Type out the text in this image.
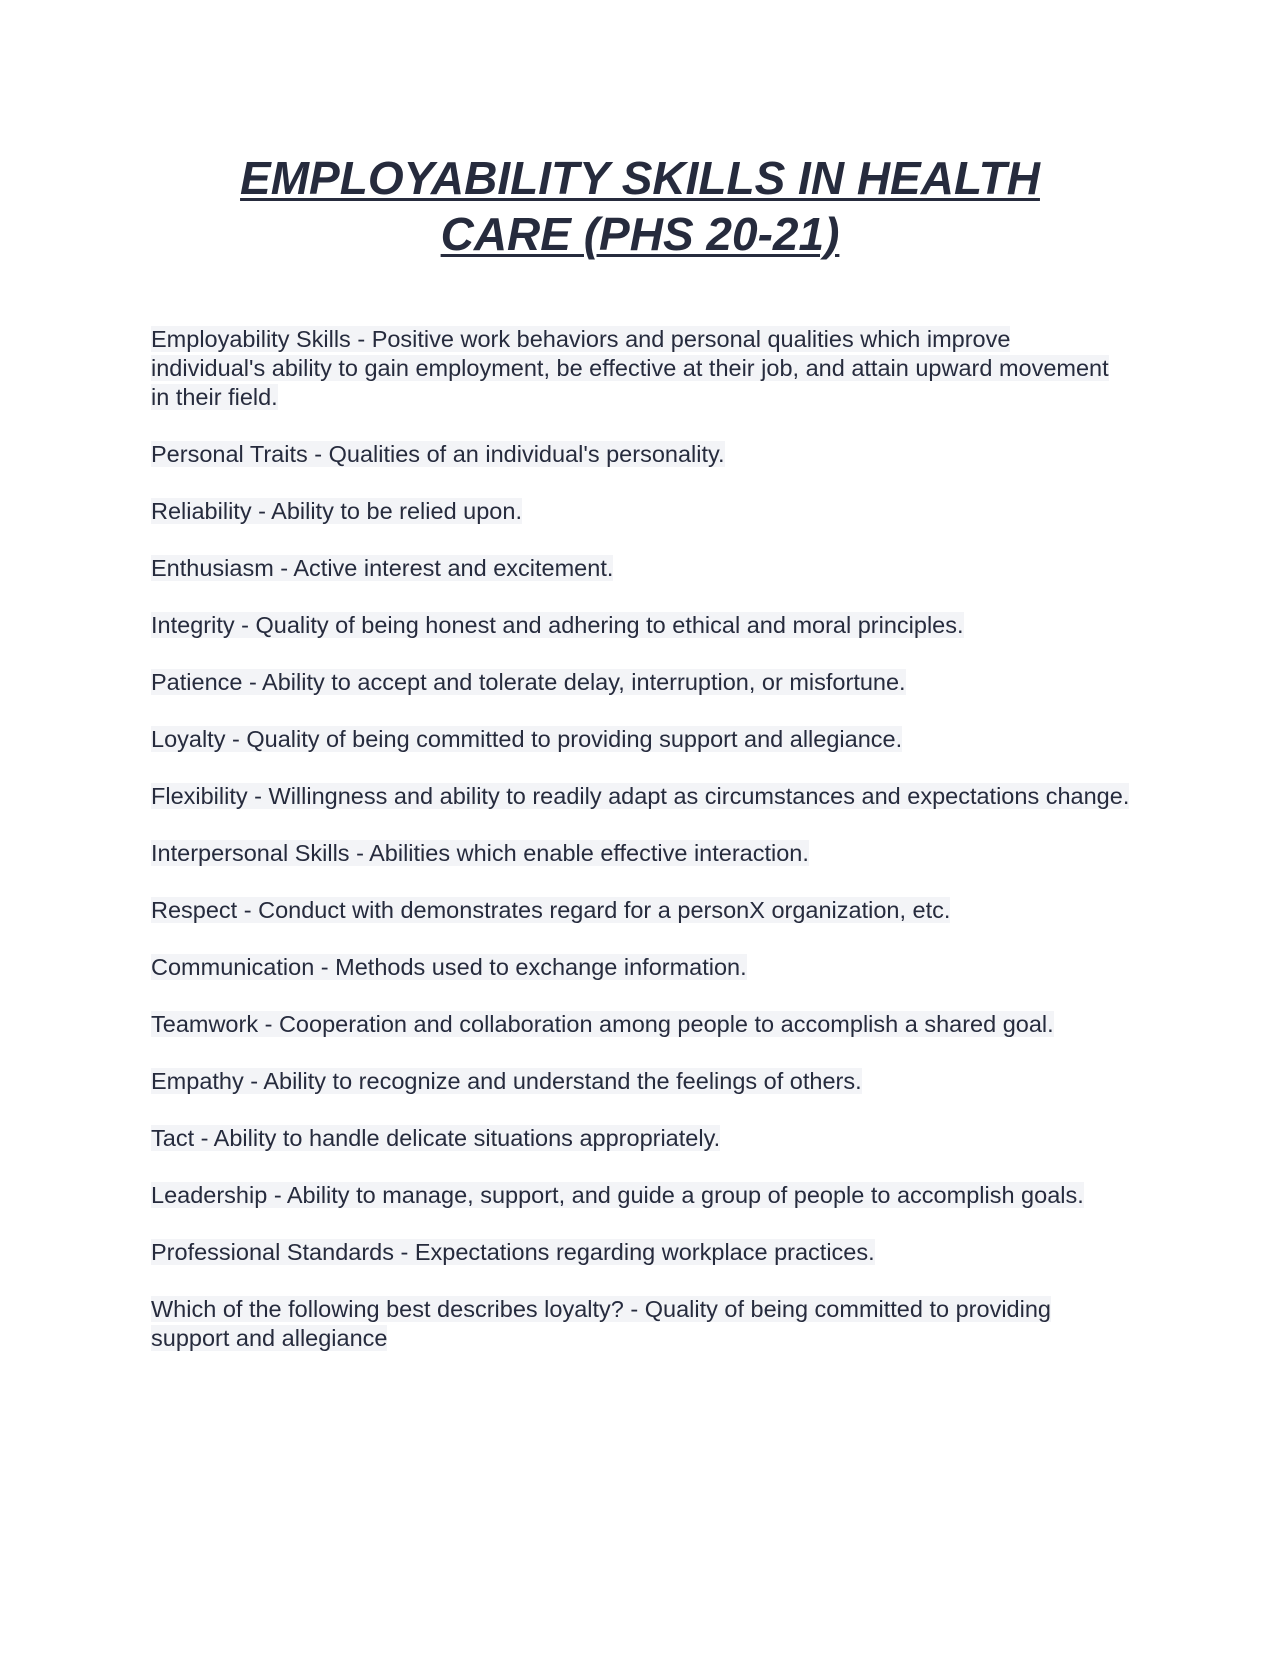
EMPLOYABILITY SKILLS IN HEALTH
CARE (PHS 20-21)

Employability Skills - Positive work behaviors and personal qualities which improve individual's ability to gain employment, be effective at their job, and attain upward movement in their field.

Personal Traits - Qualities of an individual's personality.

Reliability - Ability to be relied upon.

Enthusiasm - Active interest and excitement.

Integrity - Quality of being honest and adhering to ethical and moral principles.

Patience - Ability to accept and tolerate delay, interruption, or misfortune.

Loyalty - Quality of being committed to providing support and allegiance.

Flexibility - Willingness and ability to readily adapt as circumstances and expectations change.

Interpersonal Skills - Abilities which enable effective interaction.

Respect - Conduct with demonstrates regard for a personX organization, etc.

Communication - Methods used to exchange information.

Teamwork - Cooperation and collaboration among people to accomplish a shared goal.

Empathy - Ability to recognize and understand the feelings of others.

Tact - Ability to handle delicate situations appropriately.

Leadership - Ability to manage, support, and guide a group of people to accomplish goals.

Professional Standards - Expectations regarding workplace practices.

Which of the following best describes loyalty? - Quality of being committed to providing support and allegiance
